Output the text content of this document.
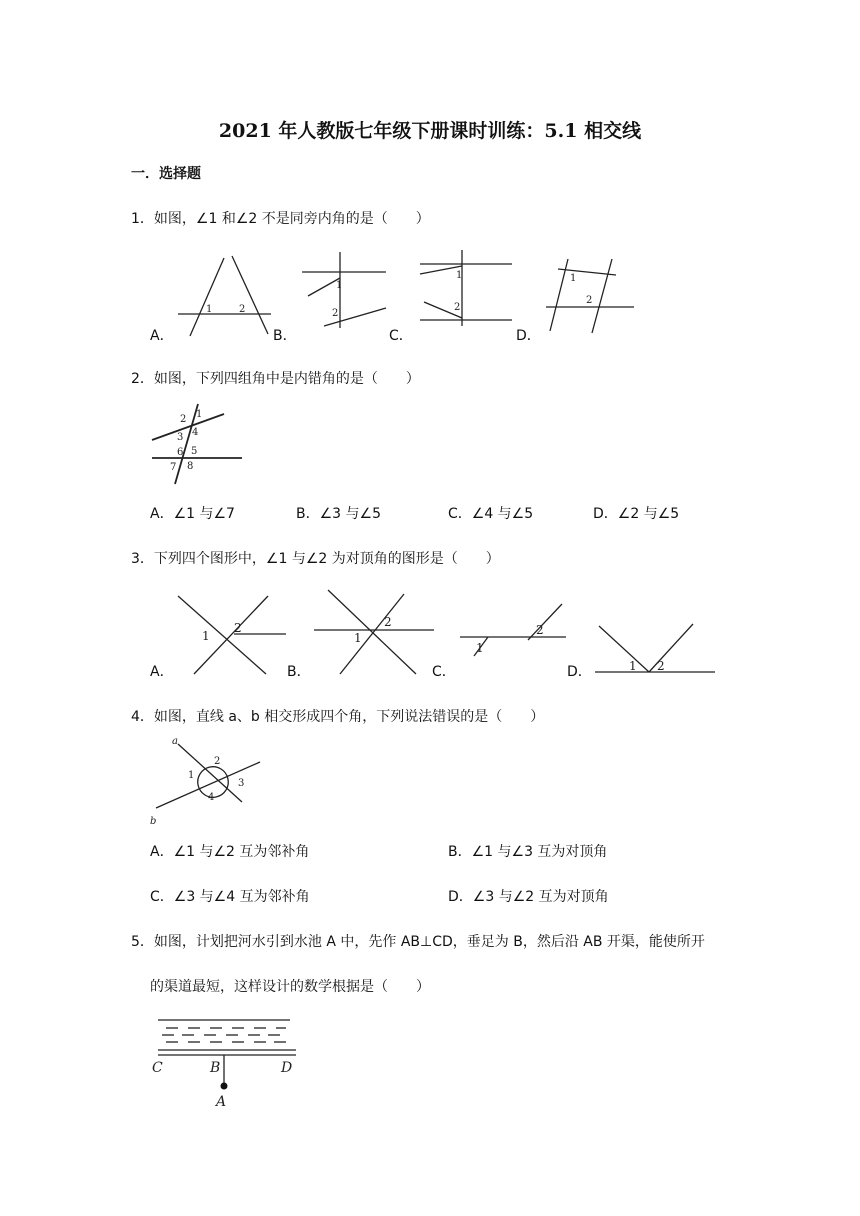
2021 年人教版七年级下册课时训练：5.1 相交线
一．选择题
1．如图，∠1 和∠2 不是同旁内角的是（　　）
A．
1	2
B．
1
2
C．
1
2
D．
1
2
2．如图，下列四组角中是内错角的是（　　）
2 1
3 4
5
6
7 8
A．∠1 与∠7	B．∠3 与∠5	C．∠4 与∠5	D．∠2 与∠5
3．下列四个图形中，∠1 与∠2 为对顶角的图形是（　　）
A．
1
2
B．
1
2
C．
1
2
D．	1 2
4．如图，直线 a、b 相交形成四个角，下列说法错误的是（　　）
a
b
1
2
3
4
A．∠1 与∠2 互为邻补角	B．∠1 与∠3 互为对顶角
C．∠3 与∠4 互为邻补角	D．∠3 与∠2 互为对顶角
5．如图，计划把河水引到水池 A 中，先作 AB⊥CD，垂足为 B，然后沿 AB 开渠，能使所开
的渠道最短，这样设计的数学根据是（　　）
C	B	D
A
